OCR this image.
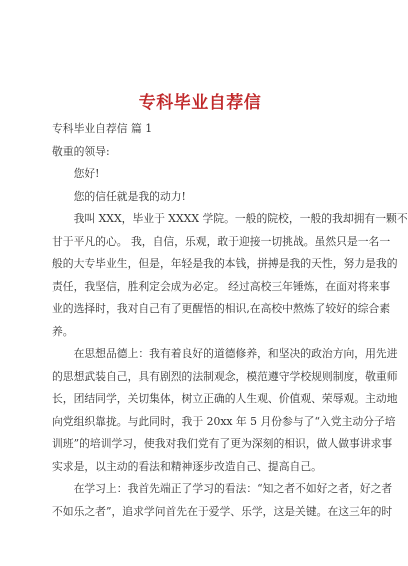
专科毕业自荐信
专科毕业自荐信 篇 1
敬重的领导:
　　您好!
　　您的信任就是我的动力!
　　我叫 XXX，毕业于 XXXX 学院。一般的院校，一般的我却拥有一颗不
甘于平凡的心。 我，自信，乐观，敢于迎接一切挑战。虽然只是一名一
般的大专毕业生，但是，年轻是我的本钱，拼搏是我的天性，努力是我的
责任，我坚信，胜利定会成为必定。 经过高校三年锤炼，在面对将来事
业的选择时，我对自己有了更醒悟的相识,在高校中熬炼了较好的综合素
养。
　　在思想品德上：我有着良好的道德修养，和坚决的政治方向，用先进
的思想武装自己，具有剧烈的法制观念，模范遵守学校规则制度，敬重师
长，团结同学，关切集体，树立正确的人生观、价值观、荣辱观。主动地
向党组织靠拢。与此同时，我于 20xx 年 5 月份参与了“入党主动分子培
训班”的培训学习，使我对我们党有了更为深刻的相识，做人做事讲求事
实求是，以主动的看法和精神逐步改造自己、提高自己。
　　在学习上：我首先端正了学习的看法：“知之者不如好之者，好之者
不如乐之者”，追求学问首先在于爱学、乐学，这是关键。在这三年的时
